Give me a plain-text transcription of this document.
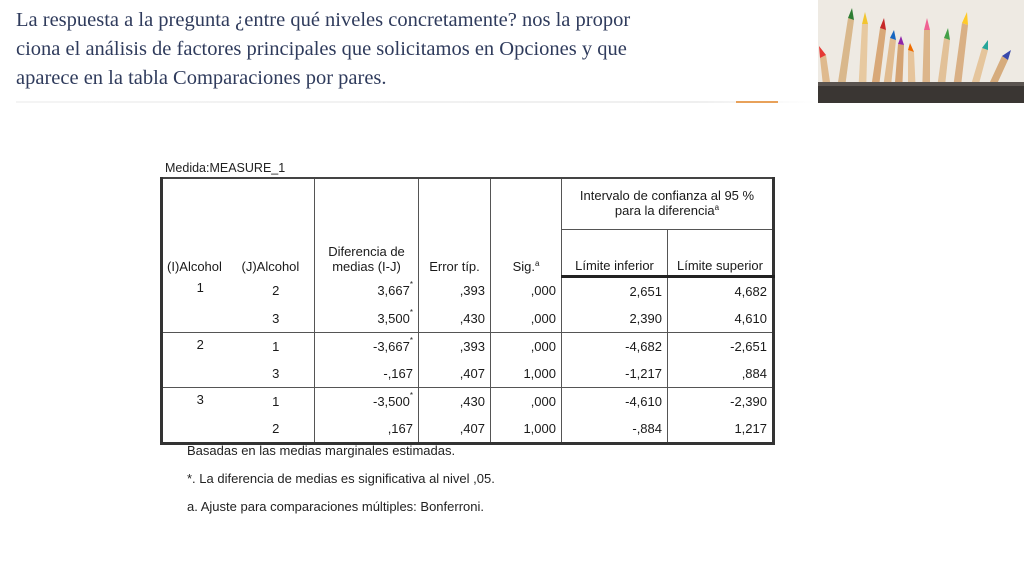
La respuesta a la pregunta ¿entre qué niveles concretamente? nos la propor
ciona el análisis de factores principales que solicitamos en Opciones y que
aparece en la tabla Comparaciones por pares.

Medida:MEASURE_1
(I)Alcohol	(J)Alcohol	Diferencia de medias (I-J)	Error típ.	Sig.$^a$	Intervalo de confianza al 95 % para la diferencia$^a$
					Límite inferior	Límite superior
1	2	3,667*	,393	,000	2,651	4,682
	3	3,500*	,430	,000	2,390	4,610
2	1	-3,667*	,393	,000	-4,682	-2,651
	3	-,167	,407	1,000	-1,217	,884
3	1	-3,500*	,430	,000	-4,610	-2,390
	2	,167	,407	1,000	-,884	1,217
Basadas en las medias marginales estimadas.
*. La diferencia de medias es significativa al nivel ,05.
a. Ajuste para comparaciones múltiples: Bonferroni.
